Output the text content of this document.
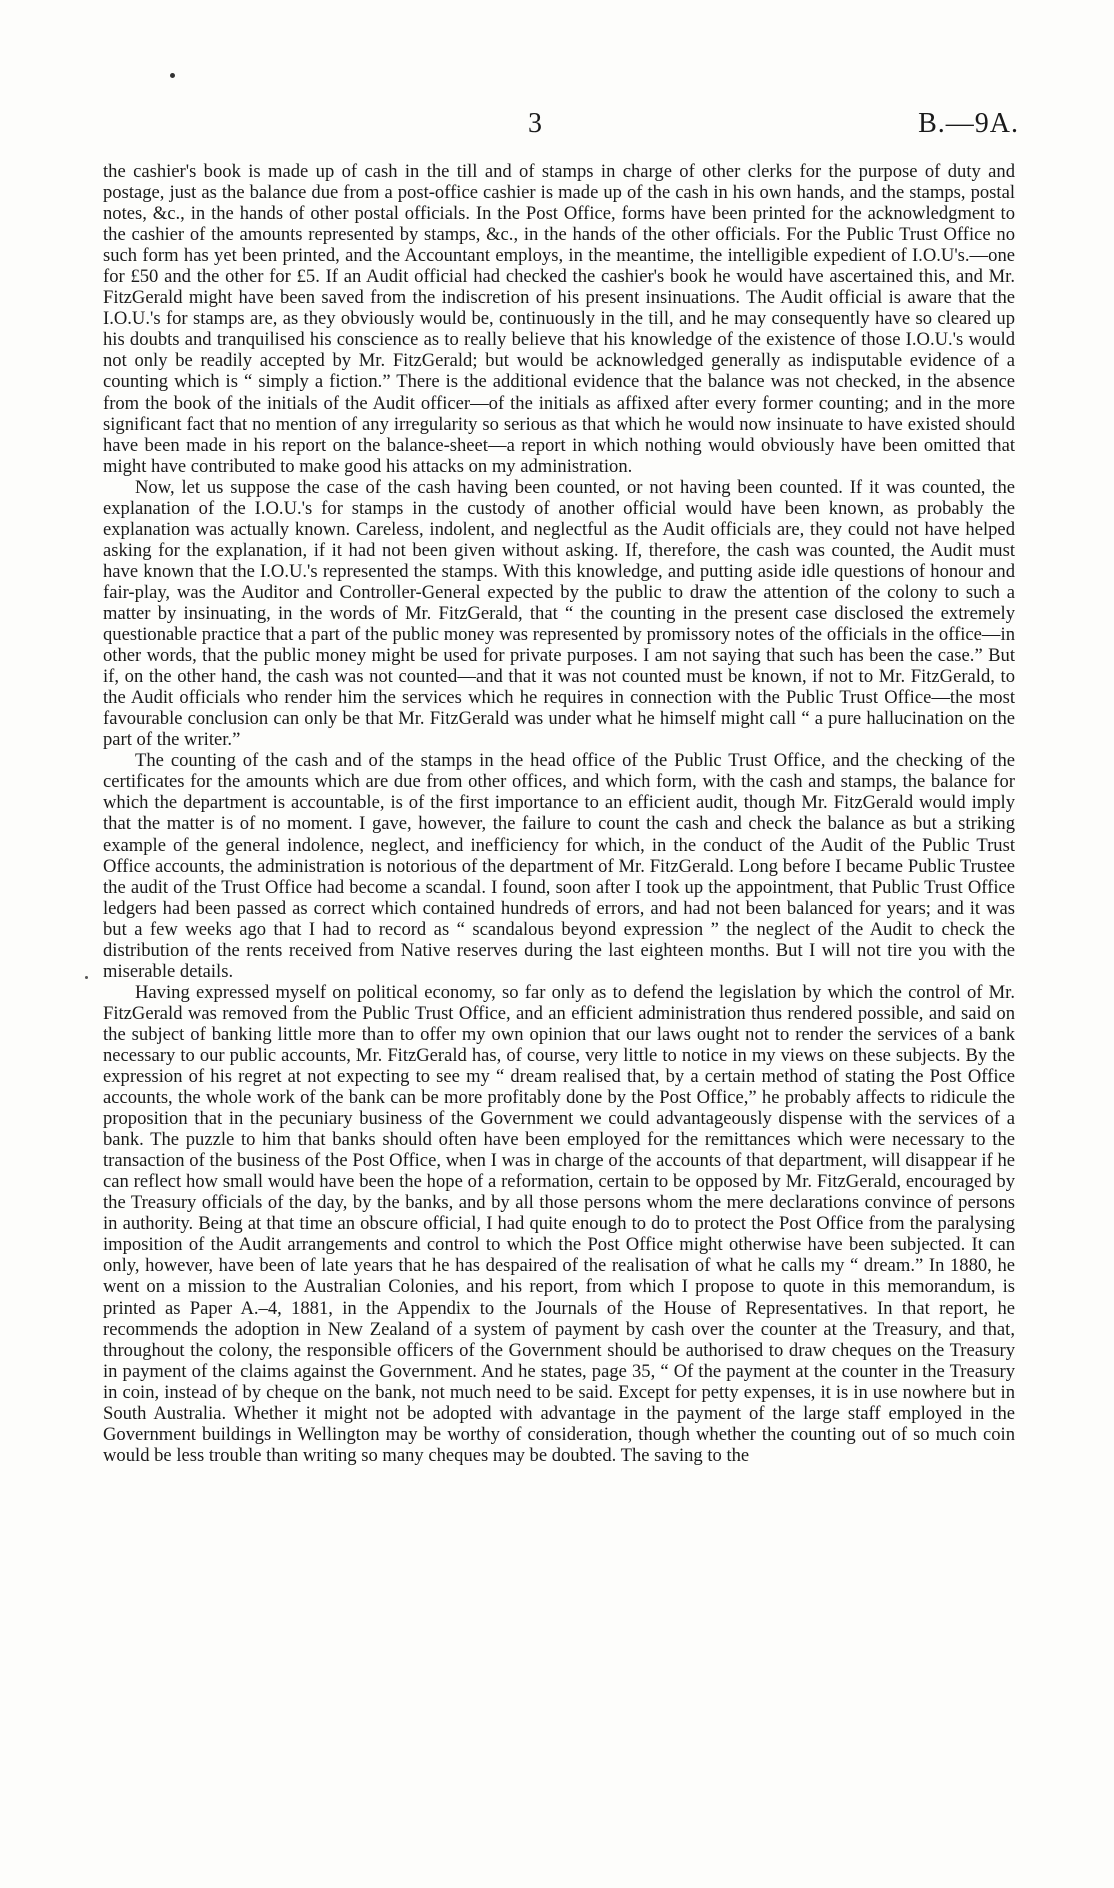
3	B.—9A.

the cashier's book is made up of cash in the till and of stamps in charge of other clerks for the purpose of duty and postage, just as the balance due from a post-office cashier is made up of the cash in his own hands, and the stamps, postal notes, &c., in the hands of other postal officials. In the Post Office, forms have been printed for the acknowledgment to the cashier of the amounts represented by stamps, &c., in the hands of the other officials. For the Public Trust Office no such form has yet been printed, and the Accountant employs, in the meantime, the intelligible expedient of I.O.U's.—one for £50 and the other for £5. If an Audit official had checked the cashier's book he would have ascertained this, and Mr. FitzGerald might have been saved from the indiscretion of his present insinuations. The Audit official is aware that the I.O.U.'s for stamps are, as they obviously would be, continuously in the till, and he may consequently have so cleared up his doubts and tranquilised his conscience as to really believe that his knowledge of the existence of those I.O.U.'s would not only be readily accepted by Mr. FitzGerald; but would be acknowledged generally as indisputable evidence of a counting which is “ simply a fiction.” There is the additional evidence that the balance was not checked, in the absence from the book of the initials of the Audit officer—of the initials as affixed after every former counting; and in the more significant fact that no mention of any irregularity so serious as that which he would now insinuate to have existed should have been made in his report on the balance-sheet—a report in which nothing would obviously have been omitted that might have contributed to make good his attacks on my administration.

Now, let us suppose the case of the cash having been counted, or not having been counted. If it was counted, the explanation of the I.O.U.'s for stamps in the custody of another official would have been known, as probably the explanation was actually known. Careless, indolent, and neglectful as the Audit officials are, they could not have helped asking for the explanation, if it had not been given without asking. If, therefore, the cash was counted, the Audit must have known that the I.O.U.'s represented the stamps. With this knowledge, and putting aside idle questions of honour and fair-play, was the Auditor and Controller-General expected by the public to draw the attention of the colony to such a matter by insinuating, in the words of Mr. FitzGerald, that “ the counting in the present case disclosed the extremely questionable practice that a part of the public money was represented by promissory notes of the officials in the office—in other words, that the public money might be used for private purposes. I am not saying that such has been the case.” But if, on the other hand, the cash was not counted—and that it was not counted must be known, if not to Mr. FitzGerald, to the Audit officials who render him the services which he requires in connection with the Public Trust Office—the most favourable conclusion can only be that Mr. FitzGerald was under what he himself might call “ a pure hallucination on the part of the writer.”

The counting of the cash and of the stamps in the head office of the Public Trust Office, and the checking of the certificates for the amounts which are due from other offices, and which form, with the cash and stamps, the balance for which the department is accountable, is of the first importance to an efficient audit, though Mr. FitzGerald would imply that the matter is of no moment. I gave, however, the failure to count the cash and check the balance as but a striking example of the general indolence, neglect, and inefficiency for which, in the conduct of the Audit of the Public Trust Office accounts, the administration is notorious of the department of Mr. FitzGerald. Long before I became Public Trustee the audit of the Trust Office had become a scandal. I found, soon after I took up the appointment, that Public Trust Office ledgers had been passed as correct which contained hundreds of errors, and had not been balanced for years; and it was but a few weeks ago that I had to record as “ scandalous beyond expression ” the neglect of the Audit to check the distribution of the rents received from Native reserves during the last eighteen months. But I will not tire you with the miserable details.

Having expressed myself on political economy, so far only as to defend the legislation by which the control of Mr. FitzGerald was removed from the Public Trust Office, and an efficient administration thus rendered possible, and said on the subject of banking little more than to offer my own opinion that our laws ought not to render the services of a bank necessary to our public accounts, Mr. FitzGerald has, of course, very little to notice in my views on these subjects. By the expression of his regret at not expecting to see my “ dream realised that, by a certain method of stating the Post Office accounts, the whole work of the bank can be more profitably done by the Post Office,” he probably affects to ridicule the proposition that in the pecuniary business of the Government we could advantageously dispense with the services of a bank. The puzzle to him that banks should often have been employed for the remittances which were necessary to the transaction of the business of the Post Office, when I was in charge of the accounts of that department, will disappear if he can reflect how small would have been the hope of a reformation, certain to be opposed by Mr. FitzGerald, encouraged by the Treasury officials of the day, by the banks, and by all those persons whom the mere declarations convince of persons in authority. Being at that time an obscure official, I had quite enough to do to protect the Post Office from the paralysing imposition of the Audit arrangements and control to which the Post Office might otherwise have been subjected. It can only, however, have been of late years that he has despaired of the realisation of what he calls my “ dream.” In 1880, he went on a mission to the Australian Colonies, and his report, from which I propose to quote in this memorandum, is printed as Paper A.–4, 1881, in the Appendix to the Journals of the House of Representatives. In that report, he recommends the adoption in New Zealand of a system of payment by cash over the counter at the Treasury, and that, throughout the colony, the responsible officers of the Government should be authorised to draw cheques on the Treasury in payment of the claims against the Government. And he states, page 35, “ Of the payment at the counter in the Treasury in coin, instead of by cheque on the bank, not much need to be said. Except for petty expenses, it is in use nowhere but in South Australia. Whether it might not be adopted with advantage in the payment of the large staff employed in the Government buildings in Wellington may be worthy of consideration, though whether the counting out of so much coin would be less trouble than writing so many cheques may be doubted. The saving to the
